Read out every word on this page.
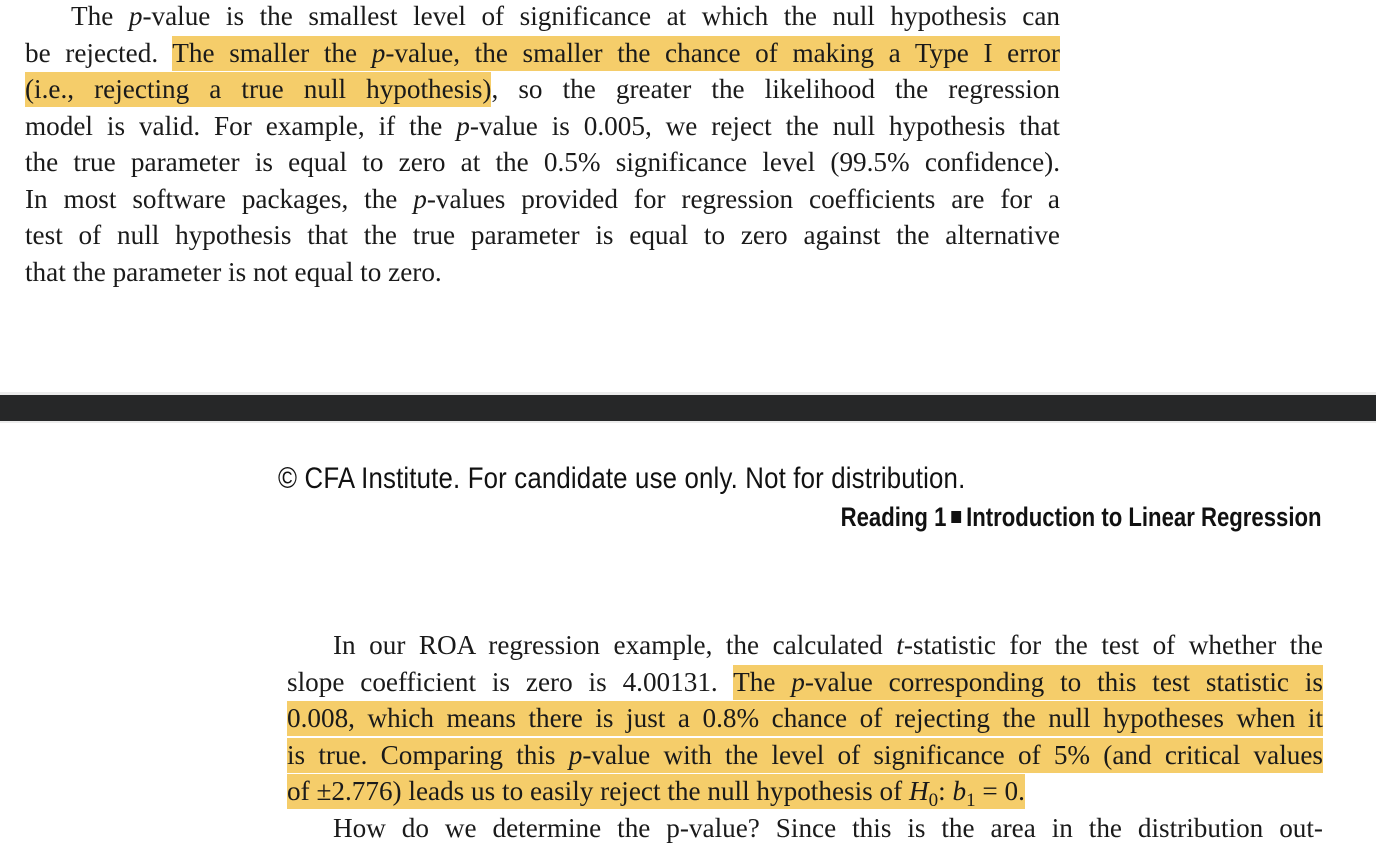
The p-value is the smallest level of significance at which the null hypothesis can
be rejected. The smaller the p-value, the smaller the chance of making a Type I error
(i.e., rejecting a true null hypothesis), so the greater the likelihood the regression
model is valid. For example, if the p-value is 0.005, we reject the null hypothesis that
the true parameter is equal to zero at the 0.5% significance level (99.5% confidence).
In most software packages, the p-values provided for regression coefficients are for a
test of null hypothesis that the true parameter is equal to zero against the alternative
that the parameter is not equal to zero.
© CFA Institute. For candidate use only. Not for distribution.
Reading 1 Introduction to Linear Regression
In our ROA regression example, the calculated t-statistic for the test of whether the
slope coefficient is zero is 4.00131. The p-value corresponding to this test statistic is
0.008, which means there is just a 0.8% chance of rejecting the null hypotheses when it
is true. Comparing this p-value with the level of significance of 5% (and critical values
of ±2.776) leads us to easily reject the null hypothesis of $H_0$: $b_1 = 0$.
How do we determine the p-value? Since this is the area in the distribution out-
